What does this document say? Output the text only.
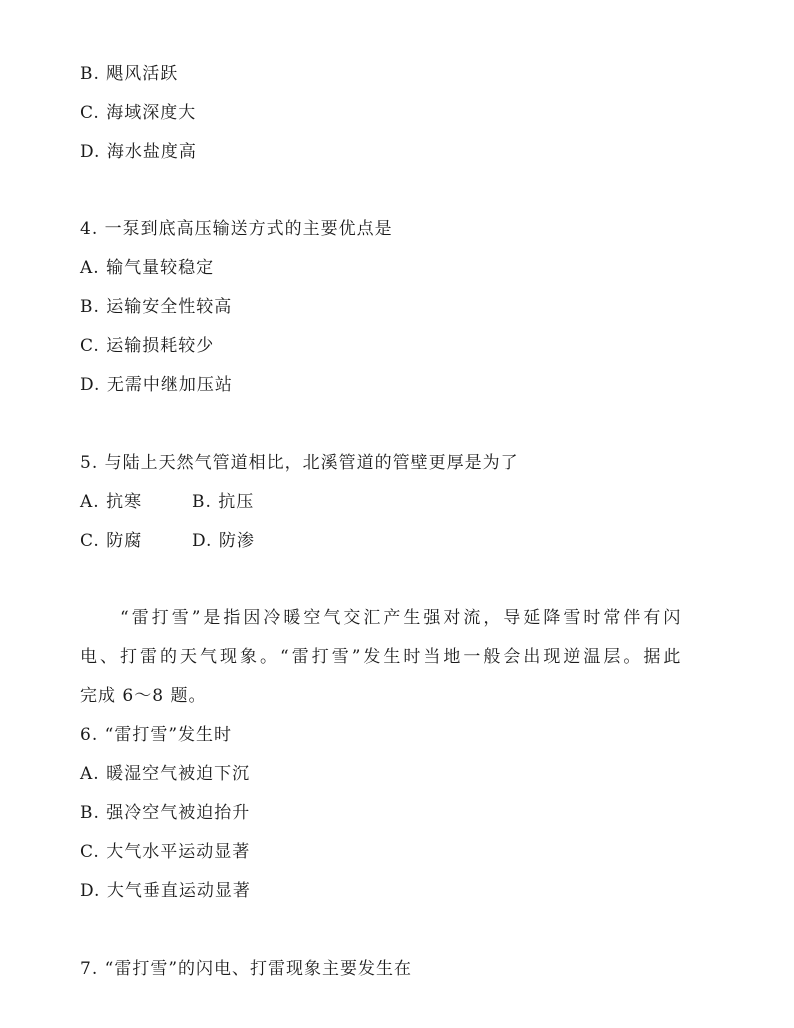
B. 飓风活跃
C. 海域深度大
D. 海水盐度高
4. 一泵到底高压输送方式的主要优点是
A. 输气量较稳定
B. 运输安全性较高
C. 运输损耗较少
D. 无需中继加压站
5. 与陆上天然气管道相比，北溪管道的管壁更厚是为了
A. 抗寒	B. 抗压
C. 防腐	D. 防渗
　　“雷打雪”是指因冷暖空气交汇产生强对流，导延降雪时常伴有闪
电、打雷的天气现象。“雷打雪”发生时当地一般会出现逆温层。据此
完成 6～8 题。
6. “雷打雪”发生时
A. 暖湿空气被迫下沉
B. 强冷空气被迫抬升
C. 大气水平运动显著
D. 大气垂直运动显著
7. “雷打雪”的闪电、打雷现象主要发生在
